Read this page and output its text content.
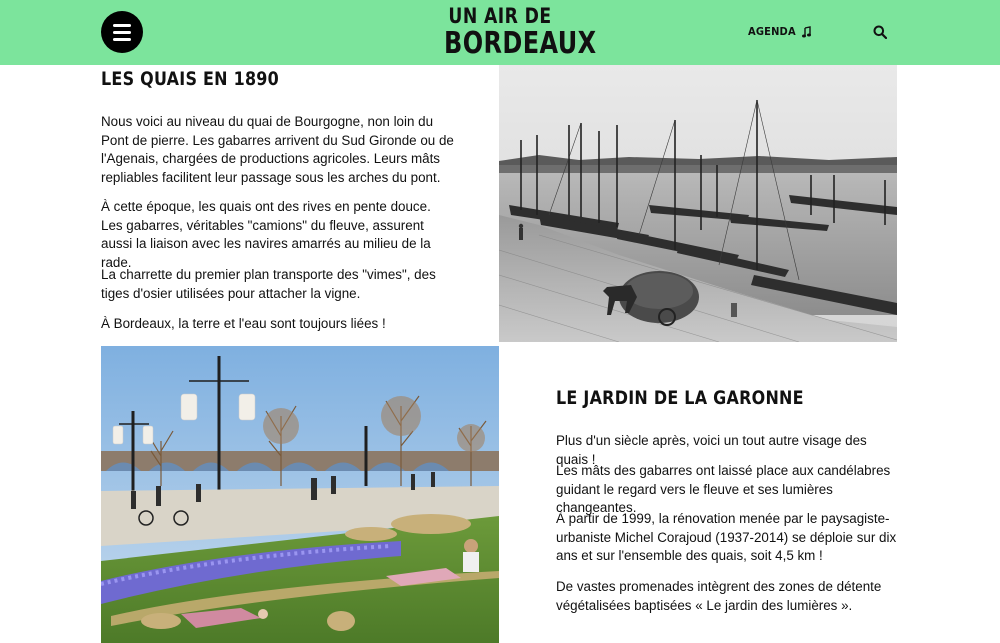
UN AIR DE
BORDEAUX	AGENDA
LES QUAIS EN 1890

Nous voici au niveau du quai de Bourgogne, non loin du Pont de pierre. Les gabarres arrivent du Sud Gironde ou de l'Agenais, chargées de productions agricoles. Leurs mâts repliables facilitent leur passage sous les arches du pont.

À cette époque, les quais ont des rives en pente douce. Les gabarres, véritables "camions" du fleuve, assurent aussi la liaison avec les navires amarrés au milieu de la rade.

La charrette du premier plan transporte des "vimes", des tiges d'osier utilisées pour attacher la vigne.

À Bordeaux, la terre et l'eau sont toujours liées !

LE JARDIN DE LA GARONNE

Plus d'un siècle après, voici un tout autre visage des quais !

Les mâts des gabarres ont laissé place aux candélabres guidant le regard vers le fleuve et ses lumières changeantes.

À partir de 1999, la rénovation menée par le paysagiste-urbaniste Michel Corajoud (1937-2014) se déploie sur dix ans et sur l'ensemble des quais, soit 4,5 km !

De vastes promenades intègrent des zones de détente végétalisées baptisées « Le jardin des lumières ».
